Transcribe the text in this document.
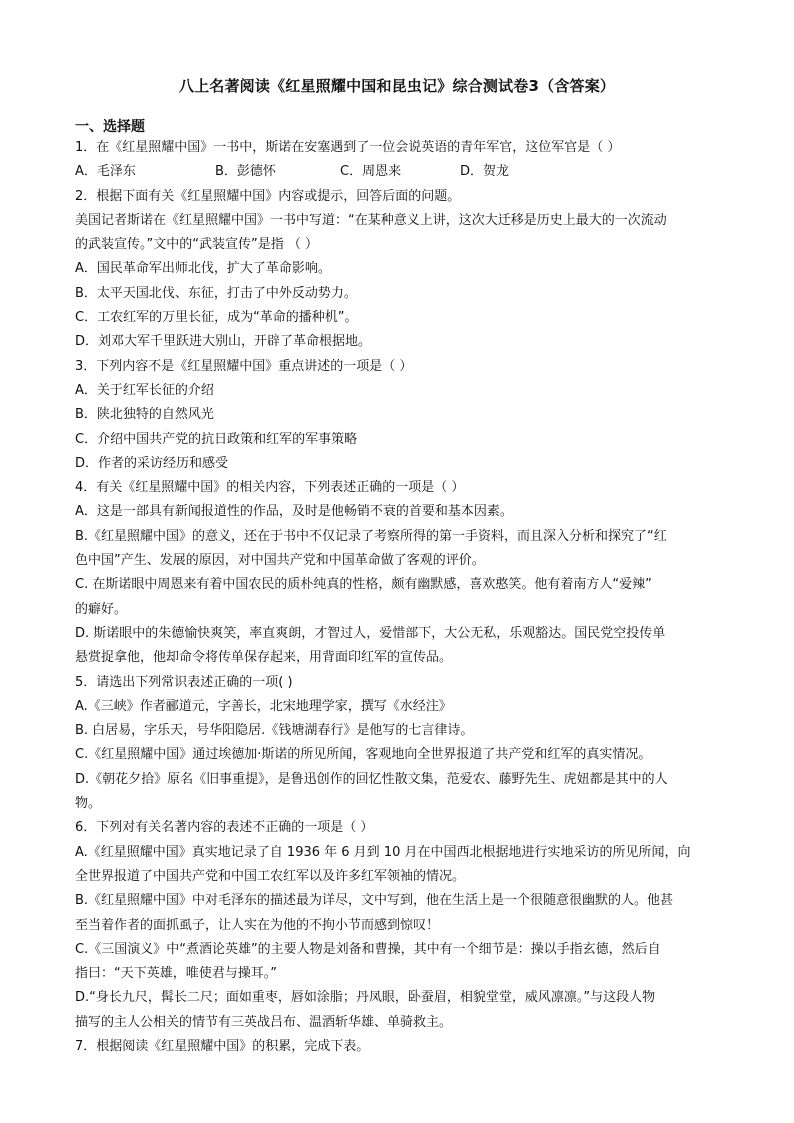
八上名著阅读《红星照耀中国和昆虫记》综合测试卷3（含答案）
一、选择题

1．在《红星照耀中国》一书中，斯诺在安塞遇到了一位会说英语的青年军官，这位军官是（ ）

A．毛泽东	B．彭德怀	C．周恩来	D．贺龙

2．根据下面有关《红星照耀中国》内容或提示，回答后面的问题。

美国记者斯诺在《红星照耀中国》一书中写道：“在某种意义上讲，这次大迁移是历史上最大的一次流动

的武装宣传。”文中的“武装宣传”是指 （ ）

A．国民革命军出师北伐，扩大了革命影响。

B．太平天国北伐、东征，打击了中外反动势力。

C．工农红军的万里长征，成为“革命的播种机”。

D．刘邓大军千里跃进大别山，开辟了革命根据地。

3．下列内容不是《红星照耀中国》重点讲述的一项是（ ）

A．关于红军长征的介绍

B．陕北独特的自然风光

C．介绍中国共产党的抗日政策和红军的军事策略

D．作者的采访经历和感受

4．有关《红星照耀中国》的相关内容，下列表述正确的一项是（ ）

A．这是一部具有新闻报道性的作品，及时是他畅销不衰的首要和基本因素。

B.《红星照耀中国》的意义，还在于书中不仅记录了考察所得的第一手资料，而且深入分析和探究了“红

色中国”产生、发展的原因，对中国共产党和中国革命做了客观的评价。

C. 在斯诺眼中周恩来有着中国农民的质朴纯真的性格，颇有幽默感，喜欢憨笑。他有着南方人“爱辣”

的癖好。

D. 斯诺眼中的朱德愉快爽笑，率直爽朗，才智过人，爱惜部下，大公无私，乐观豁达。国民党空投传单

悬赏捉拿他，他却命令将传单保存起来，用背面印红军的宣传品。

5．请选出下列常识表述正确的一项( )

A.《三峡》作者郦道元，字善长，北宋地理学家，撰写《水经注》

B. 白居易，字乐天，号华阳隐居.《钱塘湖春行》是他写的七言律诗。

C.《红星照耀中国》通过埃德加·斯诺的所见所闻，客观地向全世界报道了共产党和红军的真实情况。

D.《朝花夕拾》原名《旧事重提》，是鲁迅创作的回忆性散文集，范爱农、藤野先生、虎妞都是其中的人

物。

6．下列对有关名著内容的表述不正确的一项是（ ）

A.《红星照耀中国》真实地记录了自 1936 年 6 月到 10 月在中国西北根据地进行实地采访的所见所闻，向

全世界报道了中国共产党和中国工农红军以及许多红军领袖的情况。

B.《红星照耀中国》中对毛泽东的描述最为详尽，文中写到，他在生活上是一个很随意很幽默的人。他甚

至当着作者的面抓虱子，让人实在为他的不拘小节而感到惊叹！

C.《三国演义》中“煮酒论英雄”的主要人物是刘备和曹操，其中有一个细节是：操以手指玄德，然后自

指曰：“天下英雄，唯使君与操耳。”

D.“身长九尺，髯长二尺；面如重枣，唇如涂脂；丹凤眼，卧蚕眉，相貌堂堂，威风凛凛。”与这段人物

描写的主人公相关的情节有三英战吕布、温酒斩华雄、单骑救主。

7．根据阅读《红星照耀中国》的积累，完成下表。
